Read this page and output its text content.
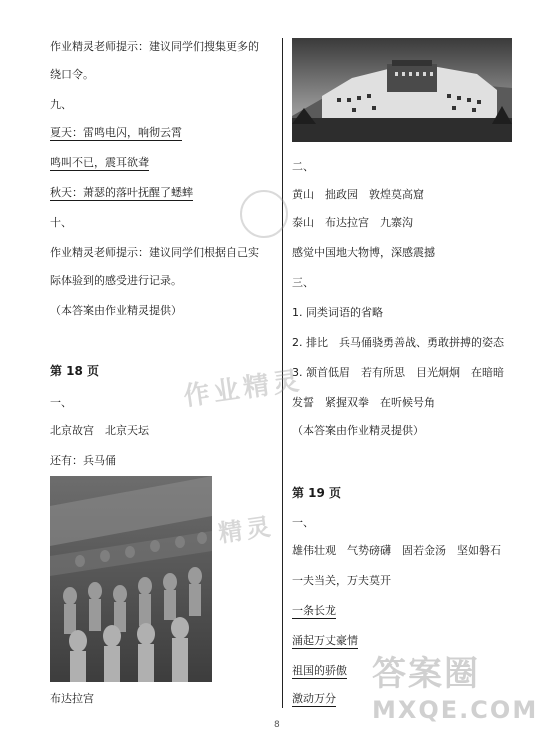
作业精灵老师提示：建议同学们搜集更多的
绕口令。
九、
夏天：雷鸣电闪，响彻云霄
鸣叫不已，震耳欲聋
秋天：萧瑟的落叶抚醒了蟋蟀
十、
作业精灵老师提示：建议同学们根据自己实
际体验到的感受进行记录。
（本答案由作业精灵提供）
第 18 页
一、
北京故宫　北京天坛
还有：兵马俑
布达拉宫
二、
黄山　拙政园　敦煌莫高窟
泰山　布达拉宫　九寨沟
感觉中国地大物博，深感震撼
三、
1. 同类词语的省略
2. 排比　兵马俑骁勇善战、勇敢拼搏的姿态
3. 颔首低眉　若有所思　目光炯炯　在暗暗
发誓　紧握双拳　在听候号角
（本答案由作业精灵提供）
第 19 页
一、
雄伟壮观　气势磅礴　固若金汤　坚如磐石
一夫当关，万夫莫开
一条长龙
涌起万丈豪情
祖国的骄傲
激动万分
8
作业精灵
精灵
答案圈
MXQE.COM
